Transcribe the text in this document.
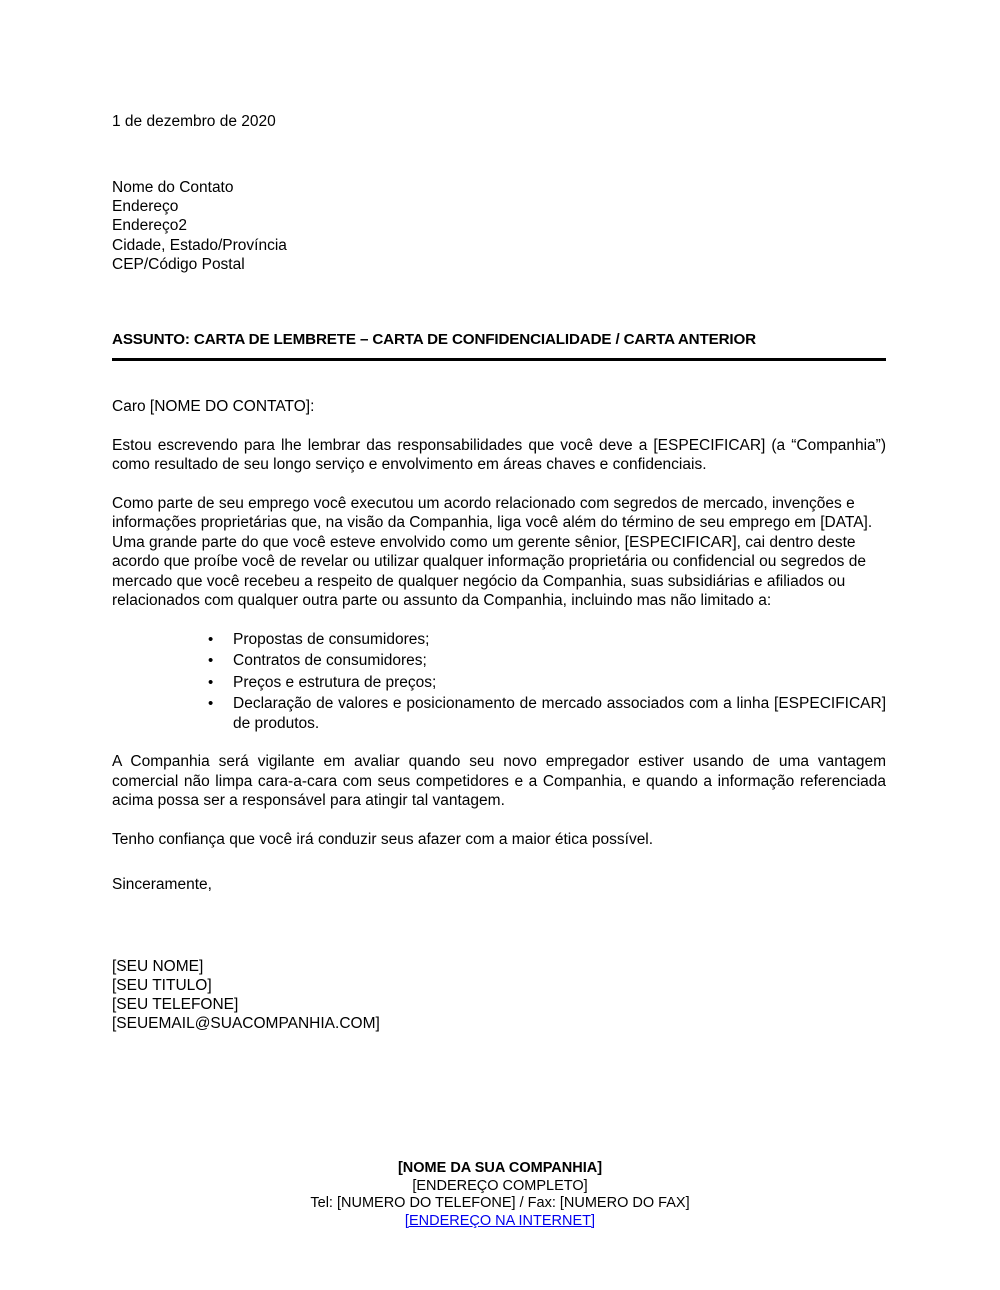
1 de dezembro de 2020

Nome do Contato
Endereço
Endereço2
Cidade, Estado/Província
CEP/Código Postal

ASSUNTO: CARTA DE LEMBRETE – CARTA DE CONFIDENCIALIDADE / CARTA ANTERIOR

Caro [NOME DO CONTATO]:

Estou escrevendo para lhe lembrar das responsabilidades que você deve a [ESPECIFICAR] (a “Companhia”) como resultado de seu longo serviço e envolvimento em áreas chaves e confidenciais.

Como parte de seu emprego você executou um acordo relacionado com segredos de mercado, invenções e informações proprietárias que, na visão da Companhia, liga você além do término de seu emprego em [DATA]. Uma grande parte do que você esteve envolvido como um gerente sênior, [ESPECIFICAR], cai dentro deste acordo que proíbe você de revelar ou utilizar qualquer informação proprietária ou confidencial ou segredos de mercado que você recebeu a respeito de qualquer negócio da Companhia, suas subsidiárias e afiliados ou relacionados com qualquer outra parte ou assunto da Companhia, incluindo mas não limitado a:

• Propostas de consumidores;
• Contratos de consumidores;
• Preços e estrutura de preços;
• Declaração de valores e posicionamento de mercado associados com a linha [ESPECIFICAR] de produtos.

A Companhia será vigilante em avaliar quando seu novo empregador estiver usando de uma vantagem comercial não limpa cara-a-cara com seus competidores e a Companhia, e quando a informação referenciada acima possa ser a responsável para atingir tal vantagem.

Tenho confiança que você irá conduzir seus afazer com a maior ética possível.

Sinceramente,

[SEU NOME]
[SEU TITULO]
[SEU TELEFONE]
[SEUEMAIL@SUACOMPANHIA.COM]
[NOME DA SUA COMPANHIA]
[ENDEREÇO COMPLETO]
Tel: [NUMERO DO TELEFONE] / Fax: [NUMERO DO FAX]
[ENDEREÇO NA INTERNET]
